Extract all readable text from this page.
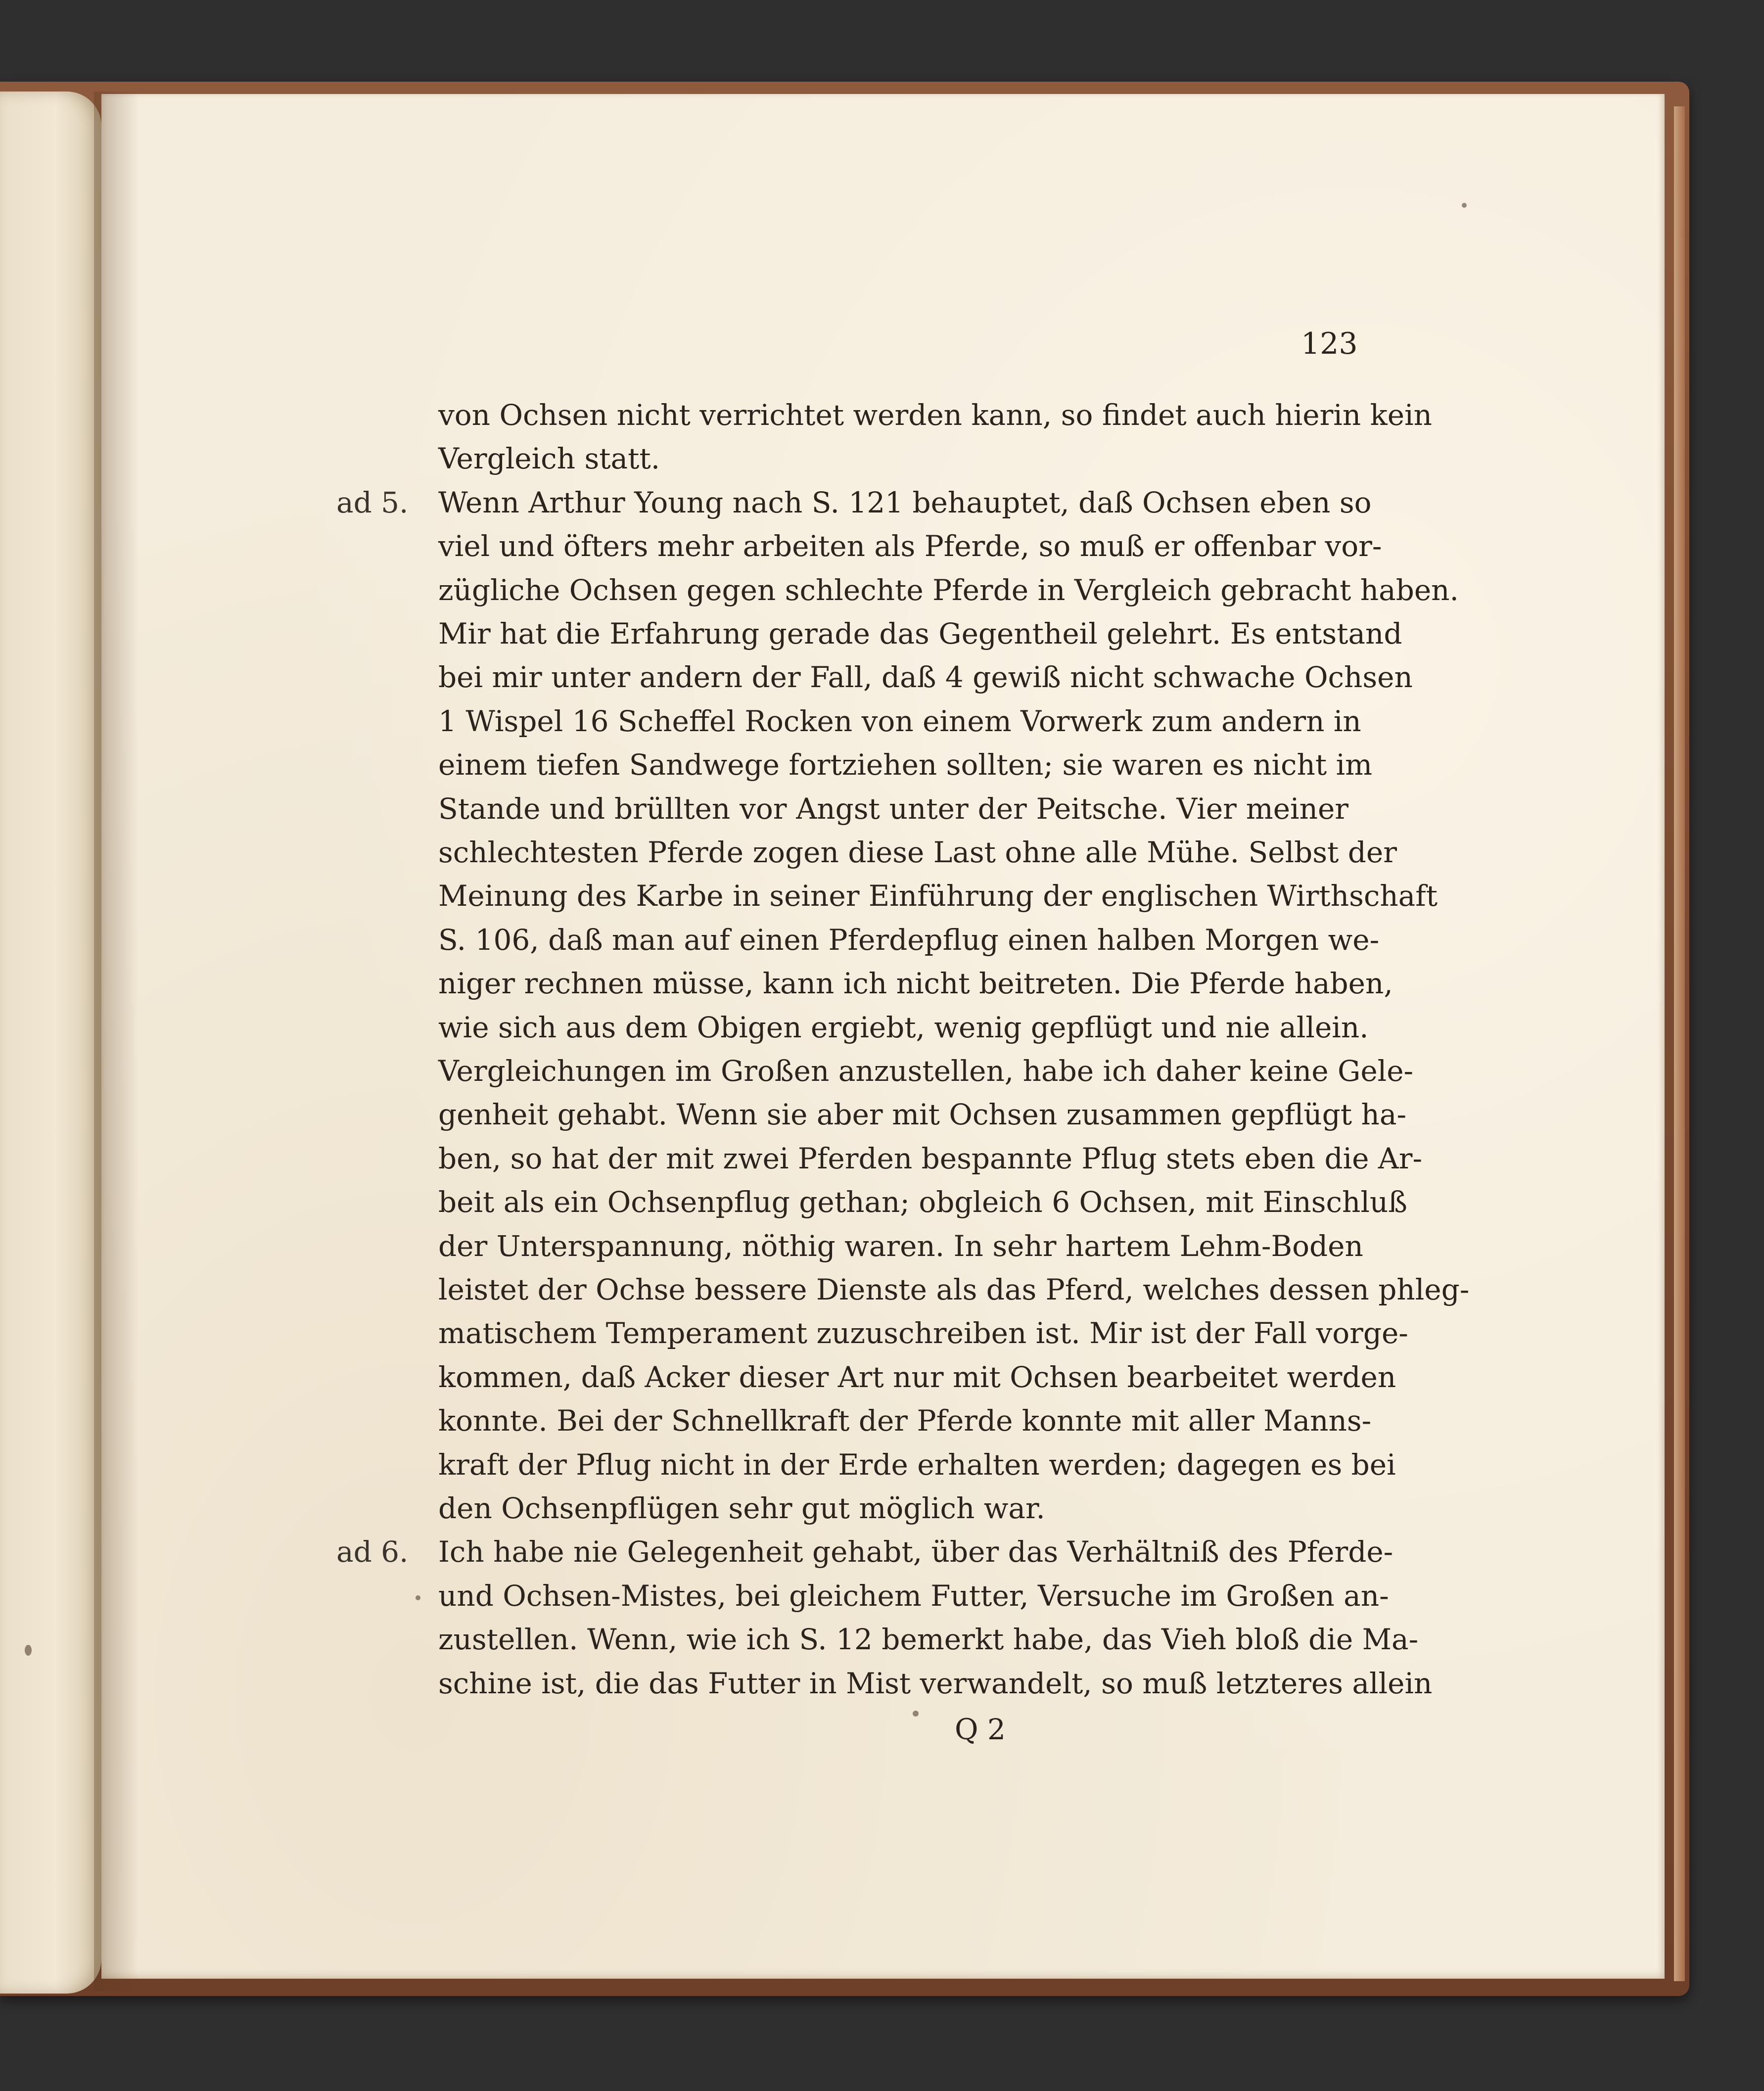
123
von Ochsen nicht verrichtet werden kann, so findet auch hierin kein
Vergleich statt.
Wenn Arthur Young nach S. 121 behauptet, daß Ochsen eben so
viel und öfters mehr arbeiten als Pferde, so muß er offenbar vor-
zügliche Ochsen gegen schlechte Pferde in Vergleich gebracht haben.
Mir hat die Erfahrung gerade das Gegentheil gelehrt. Es entstand
bei mir unter andern der Fall, daß 4 gewiß nicht schwache Ochsen
1 Wispel 16 Scheffel Rocken von einem Vorwerk zum andern in
einem tiefen Sandwege fortziehen sollten; sie waren es nicht im
Stande und brüllten vor Angst unter der Peitsche. Vier meiner
schlechtesten Pferde zogen diese Last ohne alle Mühe. Selbst der
Meinung des Karbe in seiner Einführung der englischen Wirthschaft
S. 106, daß man auf einen Pferdepflug einen halben Morgen we-
niger rechnen müsse, kann ich nicht beitreten. Die Pferde haben,
wie sich aus dem Obigen ergiebt, wenig gepflügt und nie allein.
Vergleichungen im Großen anzustellen, habe ich daher keine Gele-
genheit gehabt. Wenn sie aber mit Ochsen zusammen gepflügt ha-
ben, so hat der mit zwei Pferden bespannte Pflug stets eben die Ar-
beit als ein Ochsenpflug gethan; obgleich 6 Ochsen, mit Einschluß
der Unterspannung, nöthig waren. In sehr hartem Lehm-Boden
leistet der Ochse bessere Dienste als das Pferd, welches dessen phleg-
matischem Temperament zuzuschreiben ist. Mir ist der Fall vorge-
kommen, daß Acker dieser Art nur mit Ochsen bearbeitet werden
konnte. Bei der Schnellkraft der Pferde konnte mit aller Manns-
kraft der Pflug nicht in der Erde erhalten werden; dagegen es bei
den Ochsenpflügen sehr gut möglich war.
Ich habe nie Gelegenheit gehabt, über das Verhältniß des Pferde-
und Ochsen-Mistes, bei gleichem Futter, Versuche im Großen an-
zustellen. Wenn, wie ich S. 12 bemerkt habe, das Vieh bloß die Ma-
schine ist, die das Futter in Mist verwandelt, so muß letzteres allein
ad 5.
ad 6.
Q 2
